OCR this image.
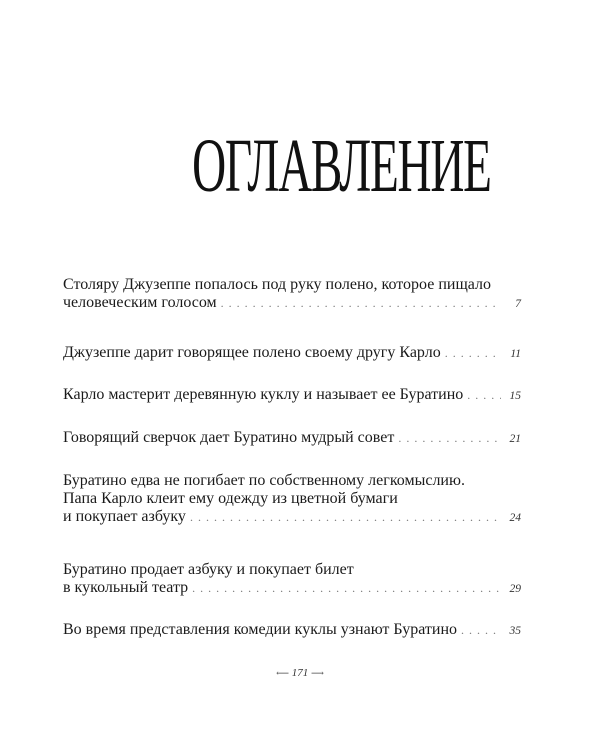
ОГЛАВЛЕНИЕ
Столяру Джузеппе попалось под руку полено, которое пищало
человеческим голосом . . .	7
Джузеппе дарит говорящее полено своему другу Карло . . .	11
Карло мастерит деревянную куклу и называет ее Буратино . . .	15
Говорящий сверчок дает Буратино мудрый совет . . .	21
Буратино едва не погибает по собственному легкомыслию.
Папа Карло клеит ему одежду из цветной бумаги
и покупает азбуку . . .	24
Буратино продает азбуку и покупает билет
в кукольный театр . . .	29
Во время представления комедии куклы узнают Буратино . . .	35
⟵ 171 ⟶
